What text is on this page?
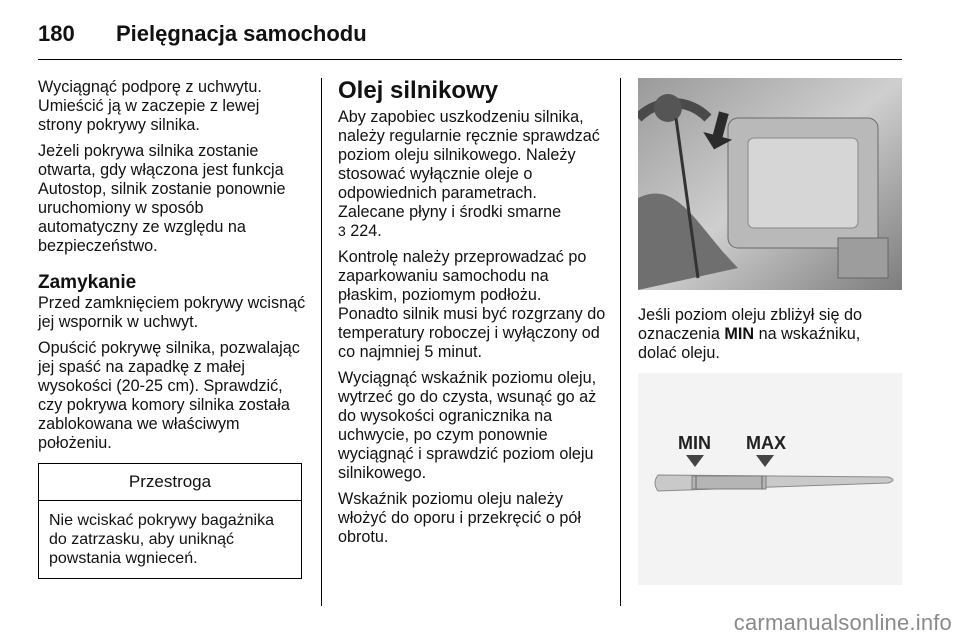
180	Pielęgnacja samochodu

Wyciągnąć podporę z uchwytu. Umieścić ją w zaczepie z lewej strony pokrywy silnika.

Jeżeli pokrywa silnika zostanie otwarta, gdy włączona jest funkcja Autostop, silnik zostanie ponownie uruchomiony w sposób automatyczny ze względu na bezpieczeństwo.

Zamykanie

Przed zamknięciem pokrywy wcisnąć jej wspornik w uchwyt.

Opuścić pokrywę silnika, pozwalając jej spaść na zapadkę z małej wysokości (20-25 cm). Sprawdzić, czy pokrywa komory silnika została zablokowana we właściwym położeniu.

Przestroga
Nie wciskać pokrywy bagażnika do zatrzasku, aby uniknąć powstania wgnieceń.

Olej silnikowy

Aby zapobiec uszkodzeniu silnika, należy regularnie ręcznie sprawdzać poziom oleju silnikowego. Należy stosować wyłącznie oleje o odpowiednich parametrach.

Zalecane płyny i środki smarne
3 224.

Kontrolę należy przeprowadzać po zaparkowaniu samochodu na płaskim, poziomym podłożu. Ponadto silnik musi być rozgrzany do temperatury roboczej i wyłączony od co najmniej 5 minut.

Wyciągnąć wskaźnik poziomu oleju, wytrzeć go do czysta, wsunąć go aż do wysokości ogranicznika na uchwycie, po czym ponownie wyciągnąć i sprawdzić poziom oleju silnikowego.

Wskaźnik poziomu oleju należy włożyć do oporu i przekręcić o pół obrotu.

Jeśli poziom oleju zbliżył się do oznaczenia MIN na wskaźniku, dolać oleju.

MIN MAX
carmanualsonline.info
